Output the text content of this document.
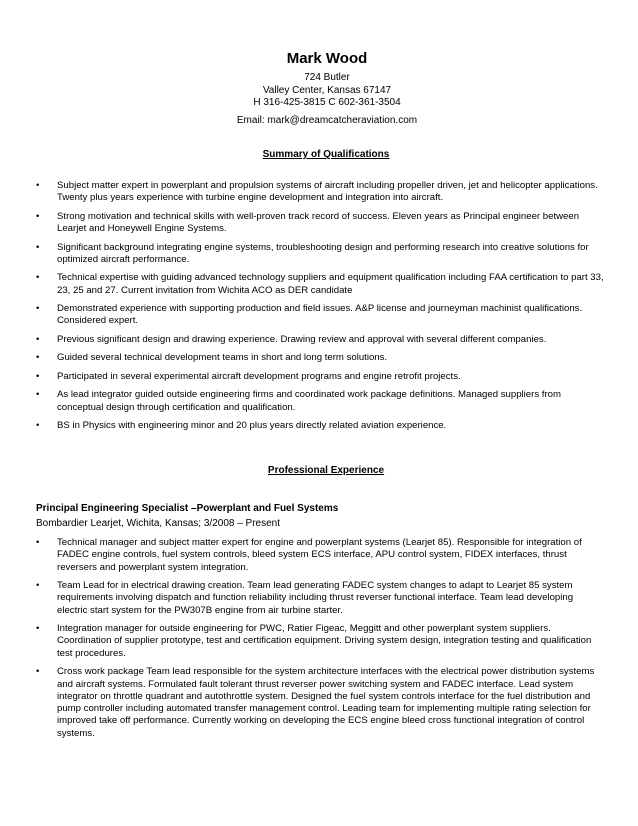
Mark Wood
724 Butler
Valley Center, Kansas 67147
H 316-425-3815 C 602-361-3504
Email: mark@dreamcatcheraviation.com
Summary of Qualifications
• Subject matter expert in powerplant and propulsion systems of aircraft including propeller driven, jet and helicopter applications. Twenty plus years experience with turbine engine development and integration into aircraft.
• Strong motivation and technical skills with well-proven track record of success. Eleven years as Principal engineer between Learjet and Honeywell Engine Systems.
• Significant background integrating engine systems, troubleshooting design and performing research into creative solutions for optimized aircraft performance.
• Technical expertise with guiding advanced technology suppliers and equipment qualification including FAA certification to part 33, 23, 25 and 27. Current invitation from Wichita ACO as DER candidate
• Demonstrated experience with supporting production and field issues. A&P license and journeyman machinist qualifications. Considered expert.
• Previous significant design and drawing experience. Drawing review and approval with several different companies.
• Guided several technical development teams in short and long term solutions.
• Participated in several experimental aircraft development programs and engine retrofit projects.
• As lead integrator guided outside engineering firms and coordinated work package definitions. Managed suppliers from conceptual design through certification and qualification.
• BS in Physics with engineering minor and 20 plus years directly related aviation experience.
Professional Experience
Principal Engineering Specialist –Powerplant and Fuel Systems
Bombardier Learjet, Wichita, Kansas; 3/2008 – Present
• Technical manager and subject matter expert for engine and powerplant systems (Learjet 85). Responsible for integration of FADEC engine controls, fuel system controls, bleed system ECS interface, APU control system, FIDEX interfaces, thrust reversers and powerplant system integration.
• Team Lead for in electrical drawing creation. Team lead generating FADEC system changes to adapt to Learjet 85 system requirements involving dispatch and function reliability including thrust reverser functional interface. Team lead developing electric start system for the PW307B engine from air turbine starter.
• Integration manager for outside engineering for PWC, Ratier Figeac, Meggitt and other powerplant system suppliers. Coordination of supplier prototype, test and certification equipment. Driving system design, integration testing and qualification test procedures.
• Cross work package Team lead responsible for the system architecture interfaces with the electrical power distribution systems and aircraft systems. Formulated fault tolerant thrust reverser power switching system and FADEC interface. Lead system integrator on throttle quadrant and autothrottle system. Designed the fuel system controls interface for the fuel distribution and pump controller including automated transfer management control. Leading team for implementing multiple rating selection for improved take off performance. Currently working on developing the ECS engine bleed cross functional integration of control systems.
